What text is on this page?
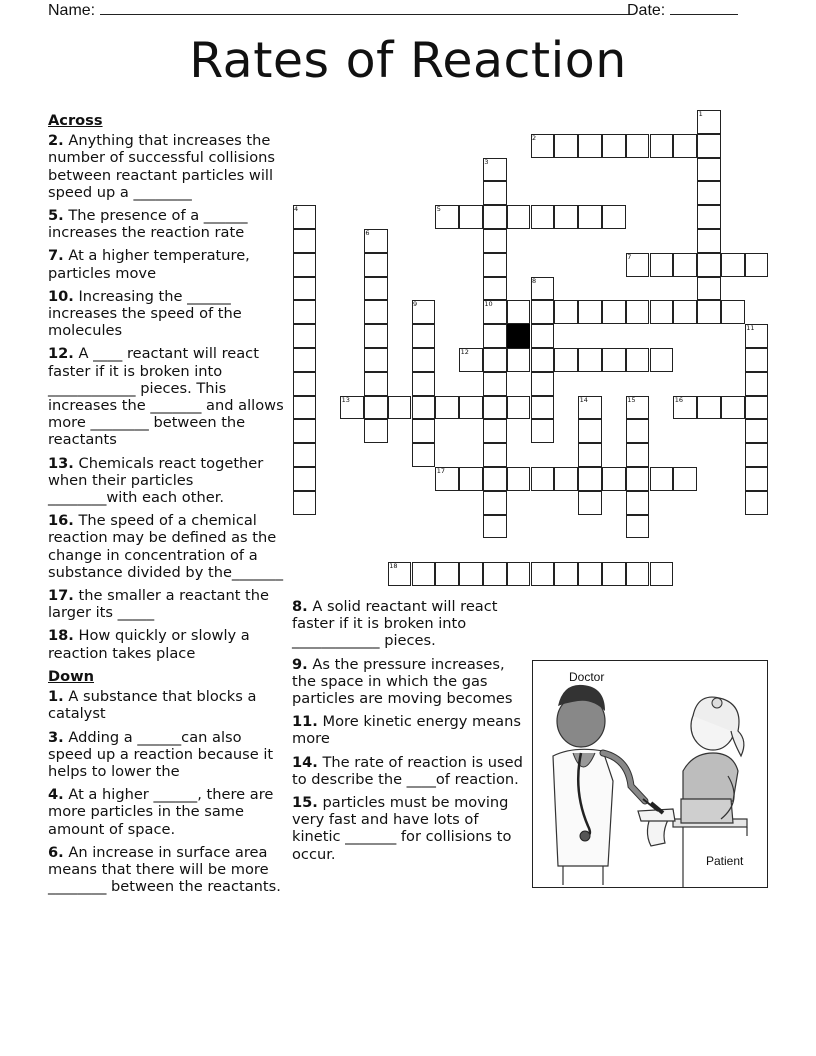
Name:	Date:
Rates of Reaction
Across
2. Anything that increases the number of successful collisions between reactant particles will speed up a ________
5. The presence of a ______ increases the reaction rate
7. At a higher temperature, particles move
10. Increasing the ______ increases the speed of the molecules
12. A ____ reactant will react faster if it is broken into ____________ pieces. This increases the _______ and allows more ________ between the reactants
13. Chemicals react together when their particles ________with each other.
16. The speed of a chemical reaction may be defined as the change in concentration of a substance divided by the_______
17. the smaller a reactant the larger its _____
18. How quickly or slowly a reaction takes place
Down
1. A substance that blocks a catalyst
3. Adding a ______can also speed up a reaction because it helps to lower the
4. At a higher ______, there are more particles in the same amount of space.
6. An increase in surface area means that there will be more ________ between the reactants.
8. A solid reactant will react faster if it is broken into ____________ pieces.
9. As the pressure increases, the space in which the gas particles are moving becomes
11. More kinetic energy means more
14. The rate of reaction is used to describe the ____of reaction.
15. particles must be moving very fast and have lots of kinetic _______ for collisions to occur.
1
2
3
4	5
6
7
8
9	10
11
12
13	14	15	16
17
18
Doctor
Patient
